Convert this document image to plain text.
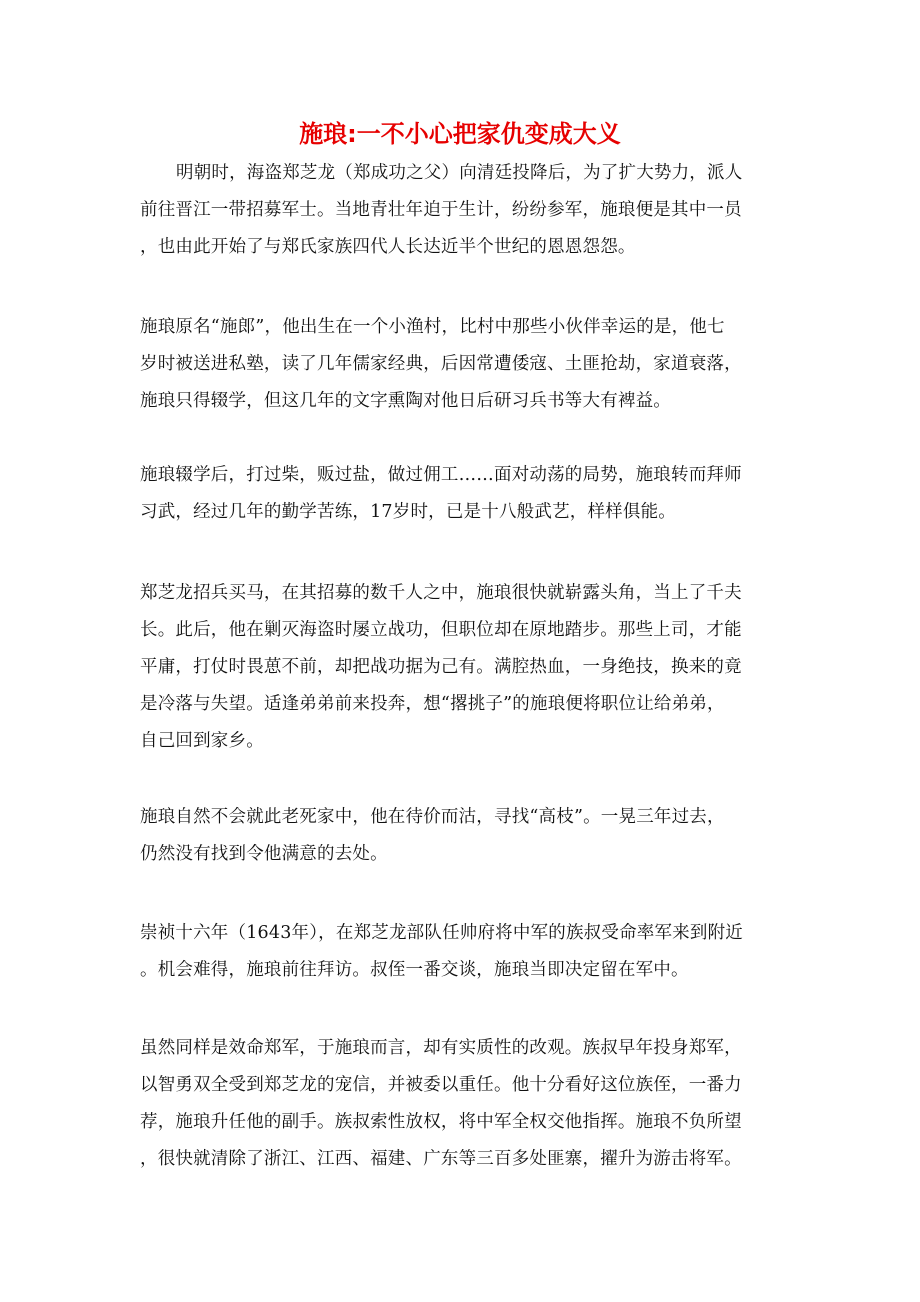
施琅:一不小心把家仇变成大义

明朝时，海盗郑芝龙（郑成功之父）向清廷投降后，为了扩大势力，派人
前往晋江一带招募军士。当地青壮年迫于生计，纷纷参军，施琅便是其中一员
，也由此开始了与郑氏家族四代人长达近半个世纪的恩恩怨怨。

施琅原名“施郎”，他出生在一个小渔村，比村中那些小伙伴幸运的是，他七
岁时被送进私塾，读了几年儒家经典，后因常遭倭寇、土匪抢劫，家道衰落，
施琅只得辍学，但这几年的文字熏陶对他日后研习兵书等大有裨益。

施琅辍学后，打过柴，贩过盐，做过佣工……面对动荡的局势，施琅转而拜师
习武，经过几年的勤学苦练，17岁时，已是十八般武艺，样样俱能。

郑芝龙招兵买马，在其招募的数千人之中，施琅很快就崭露头角，当上了千夫
长。此后，他在剿灭海盗时屡立战功，但职位却在原地踏步。那些上司，才能
平庸，打仗时畏葸不前，却把战功据为己有。满腔热血，一身绝技，换来的竟
是冷落与失望。适逢弟弟前来投奔，想“撂挑子”的施琅便将职位让给弟弟，
自己回到家乡。

施琅自然不会就此老死家中，他在待价而沽，寻找“高枝”。一晃三年过去，
仍然没有找到令他满意的去处。

崇祯十六年（1643年），在郑芝龙部队任帅府将中军的族叔受命率军来到附近
。机会难得，施琅前往拜访。叔侄一番交谈，施琅当即决定留在军中。

虽然同样是效命郑军，于施琅而言，却有实质性的改观。族叔早年投身郑军，
以智勇双全受到郑芝龙的宠信，并被委以重任。他十分看好这位族侄，一番力
荐，施琅升任他的副手。族叔索性放权，将中军全权交他指挥。施琅不负所望
，很快就清除了浙江、江西、福建、广东等三百多处匪寨，擢升为游击将军。
